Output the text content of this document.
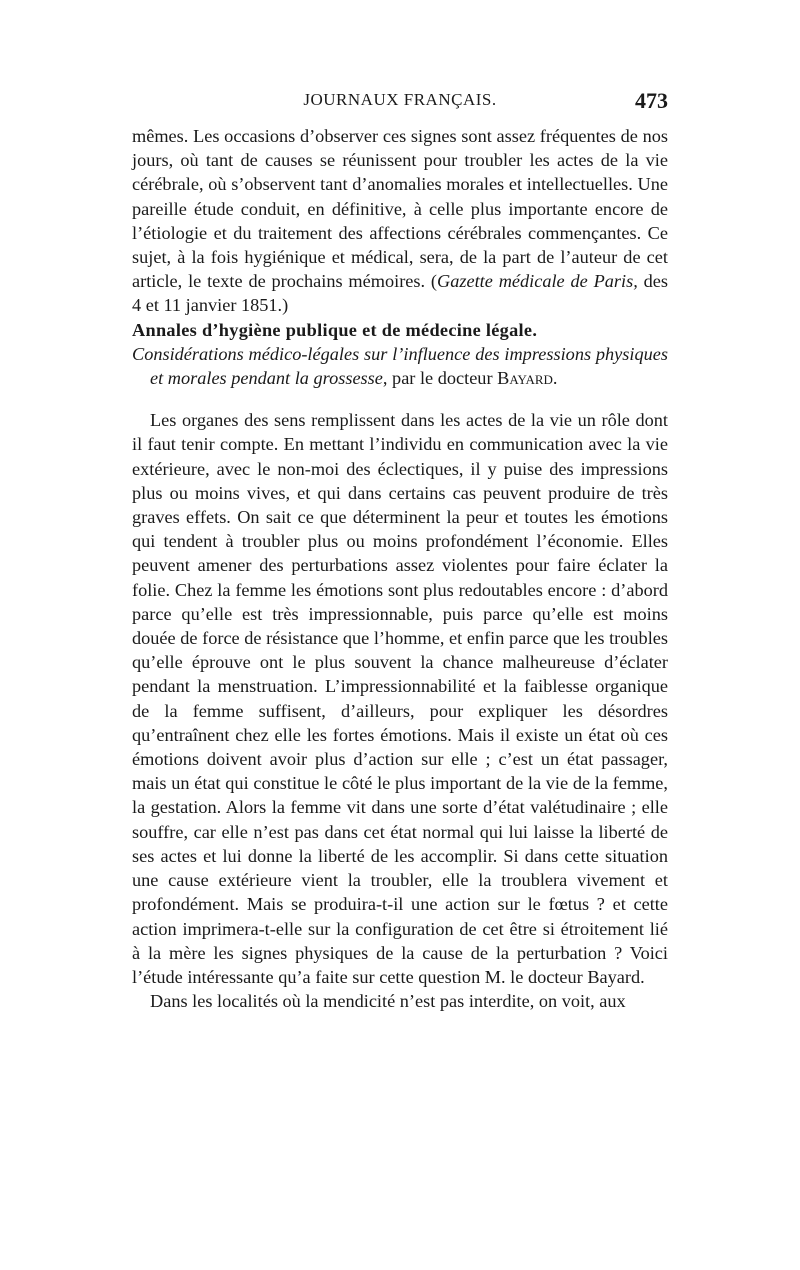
JOURNAUX FRANÇAIS.	473

mêmes. Les occasions d’observer ces signes sont assez fréquentes de nos jours, où tant de causes se réunissent pour troubler les actes de la vie cérébrale, où s’observent tant d’anomalies morales et intellectuelles. Une pareille étude conduit, en définitive, à celle plus importante encore de l’étiologie et du traitement des affections cérébrales commençantes. Ce sujet, à la fois hygiénique et médical, sera, de la part de l’auteur de cet article, le texte de prochains mémoires. (Gazette médicale de Paris, des 4 et 11 janvier 1851.)

Annales d’hygiène publique et de médecine légale.

Considérations médico-légales sur l’influence des impressions physiques et morales pendant la grossesse, par le docteur Bayard.

Les organes des sens remplissent dans les actes de la vie un rôle dont il faut tenir compte. En mettant l’individu en communication avec la vie extérieure, avec le non-moi des éclectiques, il y puise des impressions plus ou moins vives, et qui dans certains cas peuvent produire de très graves effets. On sait ce que déterminent la peur et toutes les émotions qui tendent à troubler plus ou moins profondément l’économie. Elles peuvent amener des perturbations assez violentes pour faire éclater la folie. Chez la femme les émotions sont plus redoutables encore : d’abord parce qu’elle est très impressionnable, puis parce qu’elle est moins douée de force de résistance que l’homme, et enfin parce que les troubles qu’elle éprouve ont le plus souvent la chance malheureuse d’éclater pendant la menstruation. L’impressionnabilité et la faiblesse organique de la femme suffisent, d’ailleurs, pour expliquer les désordres qu’entraînent chez elle les fortes émotions. Mais il existe un état où ces émotions doivent avoir plus d’action sur elle ; c’est un état passager, mais un état qui constitue le côté le plus important de la vie de la femme, la gestation. Alors la femme vit dans une sorte d’état valétudinaire ; elle souffre, car elle n’est pas dans cet état normal qui lui laisse la liberté de ses actes et lui donne la liberté de les accomplir. Si dans cette situation une cause extérieure vient la troubler, elle la troublera vivement et profondément. Mais se produira-t-il une action sur le fœtus ? et cette action imprimera-t-elle sur la configuration de cet être si étroitement lié à la mère les signes physiques de la cause de la perturbation ? Voici l’étude intéressante qu’a faite sur cette question M. le docteur Bayard.

Dans les localités où la mendicité n’est pas interdite, on voit, aux
